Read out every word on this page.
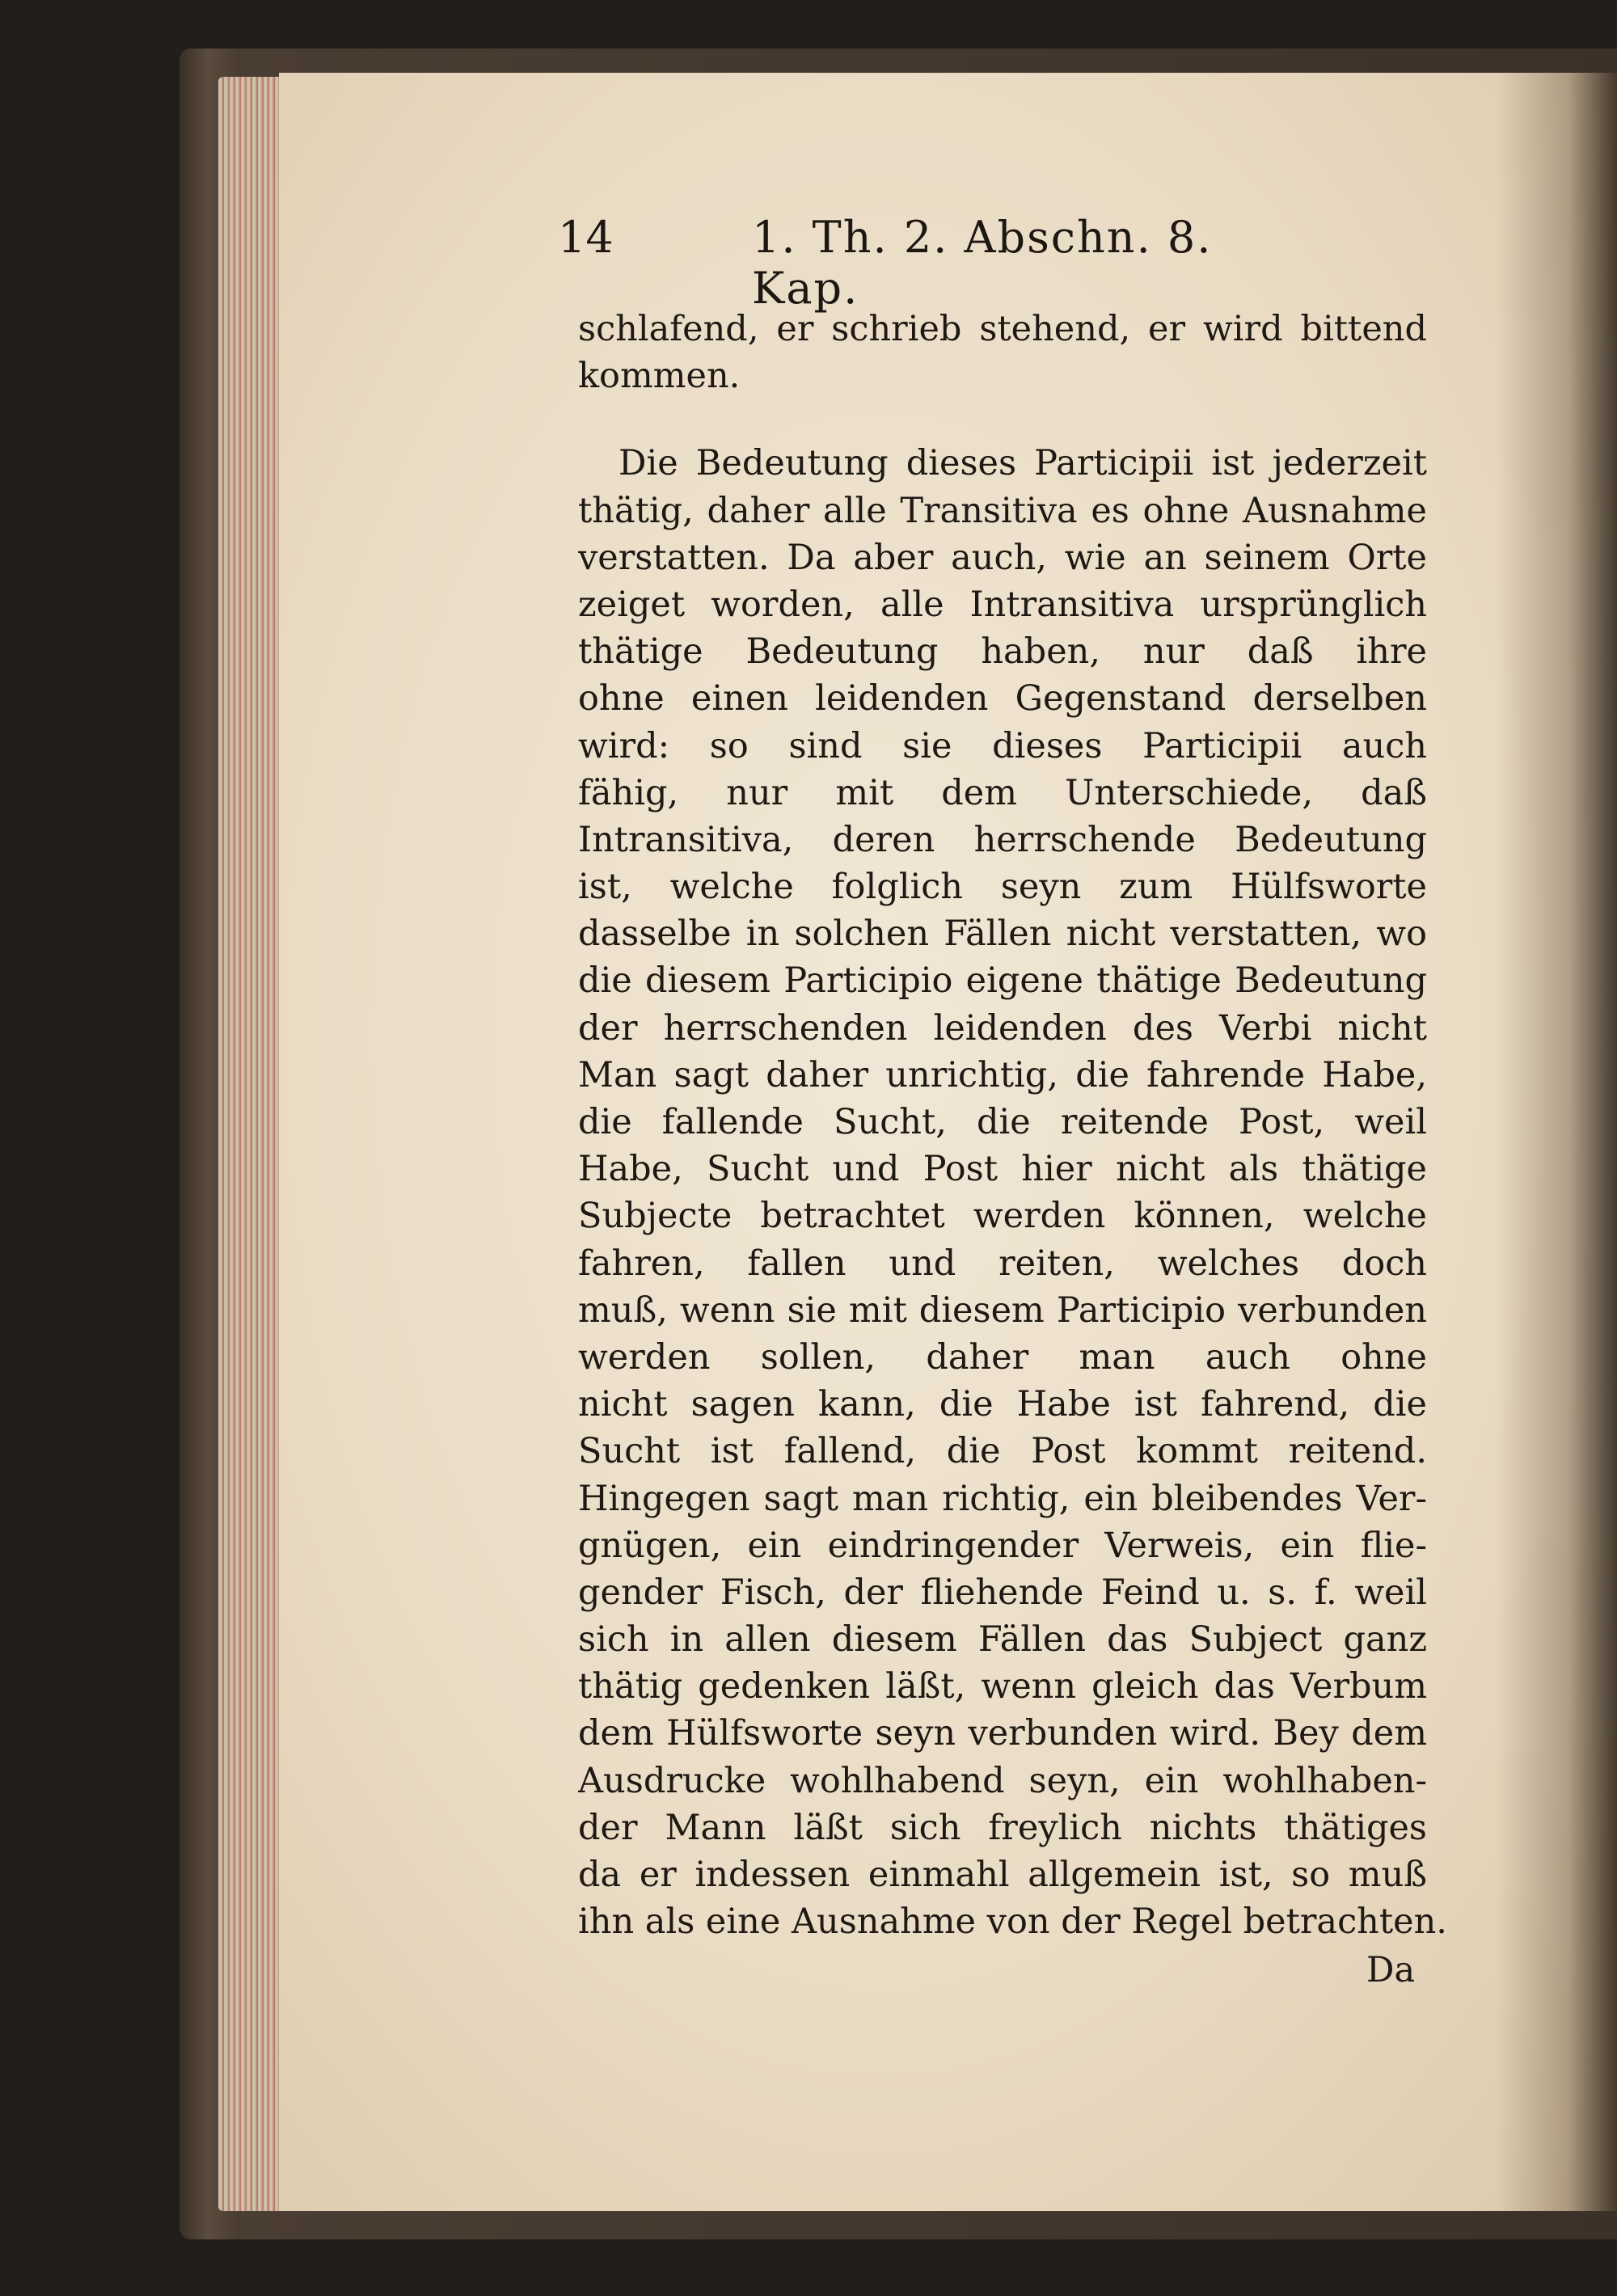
14	1. Th. 2. Abschn. 8. Kap.
schlafend, er schrieb stehend, er wird bittend
kommen.
Die Bedeutung dieses Participii ist jederzeit
thätig, daher alle Transitiva es ohne Ausnahme
verstatten. Da aber auch, wie an seinem Orte
zeiget worden, alle Intransitiva ursprünglich
thätige Bedeutung haben, nur daß ihre
ohne einen leidenden Gegenstand derselben
wird: so sind sie dieses Participii auch
fähig, nur mit dem Unterschiede, daß
Intransitiva, deren herrschende Bedeutung
ist, welche folglich seyn zum Hülfsworte
dasselbe in solchen Fällen nicht verstatten, wo
die diesem Participio eigene thätige Bedeutung
der herrschenden leidenden des Verbi nicht
Man sagt daher unrichtig, die fahrende Habe,
die fallende Sucht, die reitende Post, weil
Habe, Sucht und Post hier nicht als thätige
Subjecte betrachtet werden können, welche
fahren, fallen und reiten, welches doch
muß, wenn sie mit diesem Participio verbunden
werden sollen, daher man auch ohne
nicht sagen kann, die Habe ist fahrend, die
Sucht ist fallend, die Post kommt reitend.
Hingegen sagt man richtig, ein bleibendes Ver-
gnügen, ein eindringender Verweis, ein flie-
gender Fisch, der fliehende Feind u. s. f. weil
sich in allen diesem Fällen das Subject ganz
thätig gedenken läßt, wenn gleich das Verbum
dem Hülfsworte seyn verbunden wird. Bey dem
Ausdrucke wohlhabend seyn, ein wohlhaben-
der Mann läßt sich freylich nichts thätiges
da er indessen einmahl allgemein ist, so muß
ihn als eine Ausnahme von der Regel betrachten.
Da
